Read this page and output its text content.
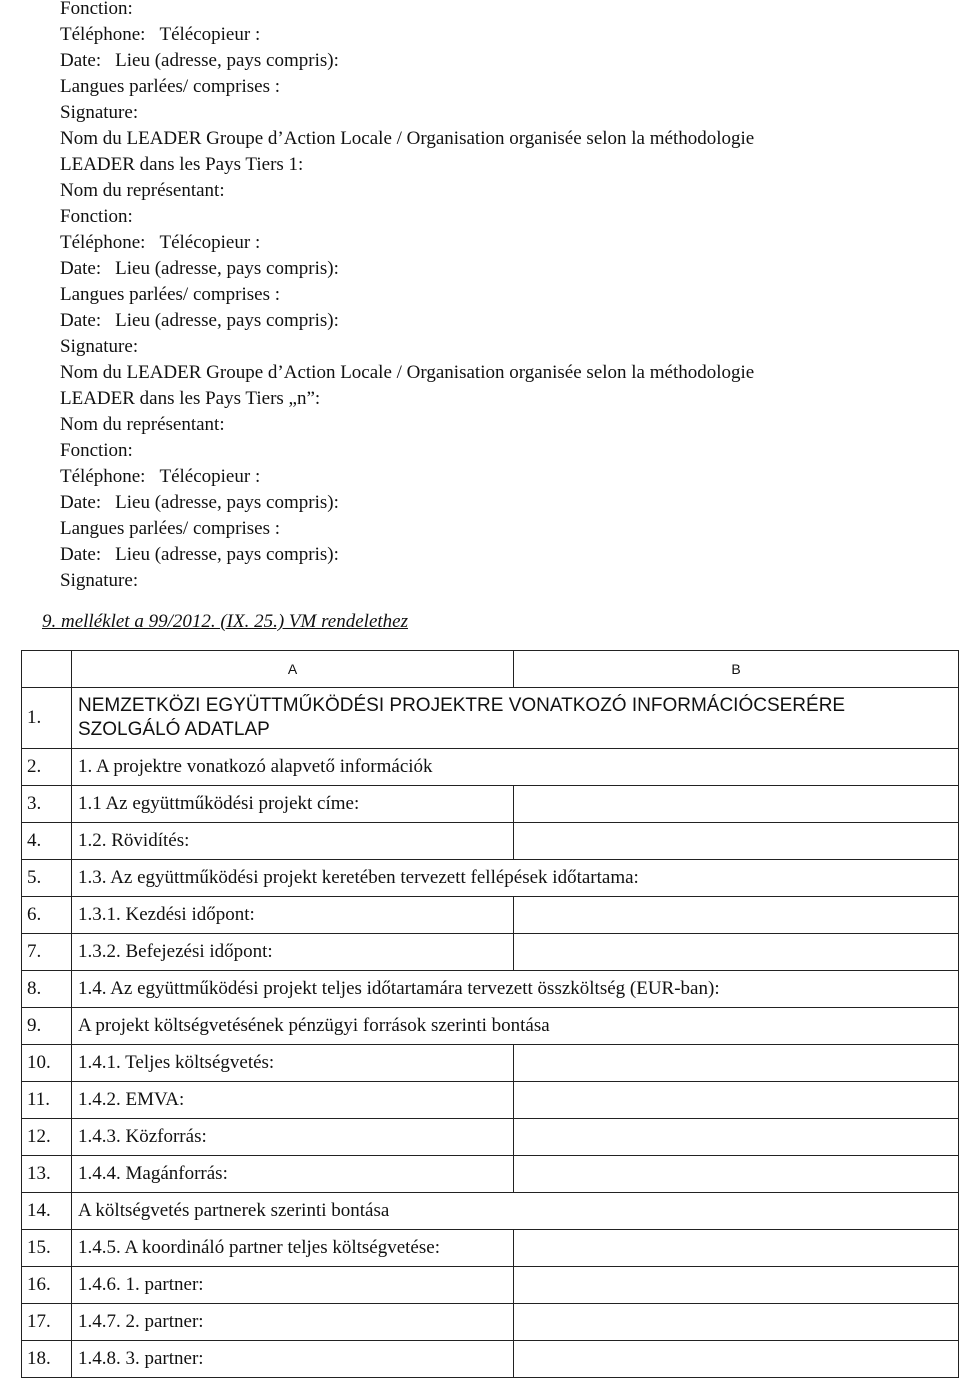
Fonction:
Téléphone: Télécopieur :
Date: Lieu (adresse, pays compris):
Langues parlées/ comprises :
Signature:
Nom du LEADER Groupe d’Action Locale / Organisation organisée selon la méthodologie
LEADER dans les Pays Tiers 1:
Nom du représentant:
Fonction:
Téléphone: Télécopieur :
Date: Lieu (adresse, pays compris):
Langues parlées/ comprises :
Date: Lieu (adresse, pays compris):
Signature:
Nom du LEADER Groupe d’Action Locale / Organisation organisée selon la méthodologie
LEADER dans les Pays Tiers „n”:
Nom du représentant:
Fonction:
Téléphone: Télécopieur :
Date: Lieu (adresse, pays compris):
Langues parlées/ comprises :
Date: Lieu (adresse, pays compris):
Signature:
9. melléklet a 99/2012. (IX. 25.) VM rendelethez
	A	B
1.	NEMZETKÖZI EGYÜTTMŰKÖDÉSI PROJEKTRE VONATKOZÓ INFORMÁCIÓCSERÉRE SZOLGÁLÓ ADATLAP	
2.	1. A projektre vonatkozó alapvető információk	
3.	1.1 Az együttműködési projekt címe:	
4.	1.2. Rövidítés:	
5.	1.3. Az együttműködési projekt keretében tervezett fellépések időtartama:	
6.	1.3.1. Kezdési időpont:	
7.	1.3.2. Befejezési időpont:	
8.	1.4. Az együttműködési projekt teljes időtartamára tervezett összköltség (EUR-ban):	
9.	A projekt költségvetésének pénzügyi források szerinti bontása	
10.	1.4.1. Teljes költségvetés:	
11.	1.4.2. EMVA:	
12.	1.4.3. Közforrás:	
13.	1.4.4. Magánforrás:	
14.	A költségvetés partnerek szerinti bontása	
15.	1.4.5. A koordináló partner teljes költségvetése:	
16.	1.4.6. 1. partner:	
17.	1.4.7. 2. partner:	
18.	1.4.8. 3. partner:	
